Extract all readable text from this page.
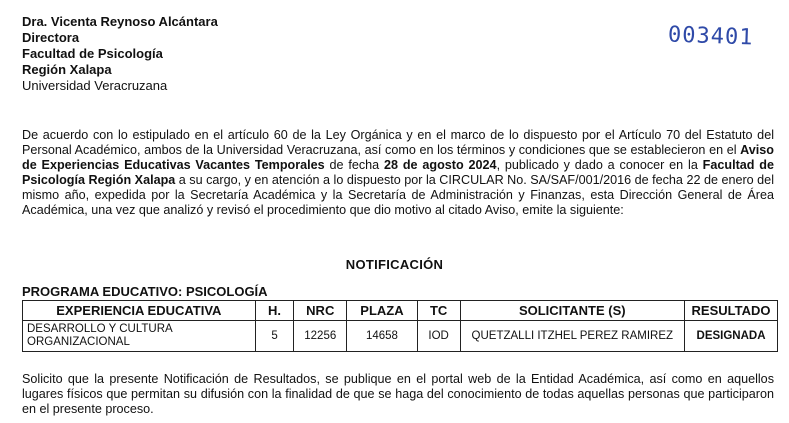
Dra. Vicenta Reynoso Alcántara
Directora
Facultad de Psicología
Región Xalapa
Universidad Veracruzana
003401
De acuerdo con lo estipulado en el artículo 60 de la Ley Orgánica y en el marco de lo dispuesto por el Artículo 70 del Estatuto del Personal Académico, ambos de la Universidad Veracruzana, así como en los términos y condiciones que se establecieron en el Aviso de Experiencias Educativas Vacantes Temporales de fecha 28 de agosto 2024, publicado y dado a conocer en la Facultad de Psicología Región Xalapa a su cargo, y en atención a lo dispuesto por la CIRCULAR No. SA/SAF/001/2016 de fecha 22 de enero del mismo año, expedida por la Secretaría Académica y la Secretaría de Administración y Finanzas, esta Dirección General de Área Académica, una vez que analizó y revisó el procedimiento que dio motivo al citado Aviso, emite la siguiente:
NOTIFICACIÓN
PROGRAMA EDUCATIVO: PSICOLOGÍA
EXPERIENCIA EDUCATIVA	H.	NRC	PLAZA	TC	SOLICITANTE (S)	RESULTADO
DESARROLLO Y CULTURA ORGANIZACIONAL	5	12256	14658	IOD	QUETZALLI ITZHEL PEREZ RAMIREZ	DESIGNADA
Solicito que la presente Notificación de Resultados, se publique en el portal web de la Entidad Académica, así como en aquellos lugares físicos que permitan su difusión con la finalidad de que se haga del conocimiento de todas aquellas personas que participaron en el presente proceso.
